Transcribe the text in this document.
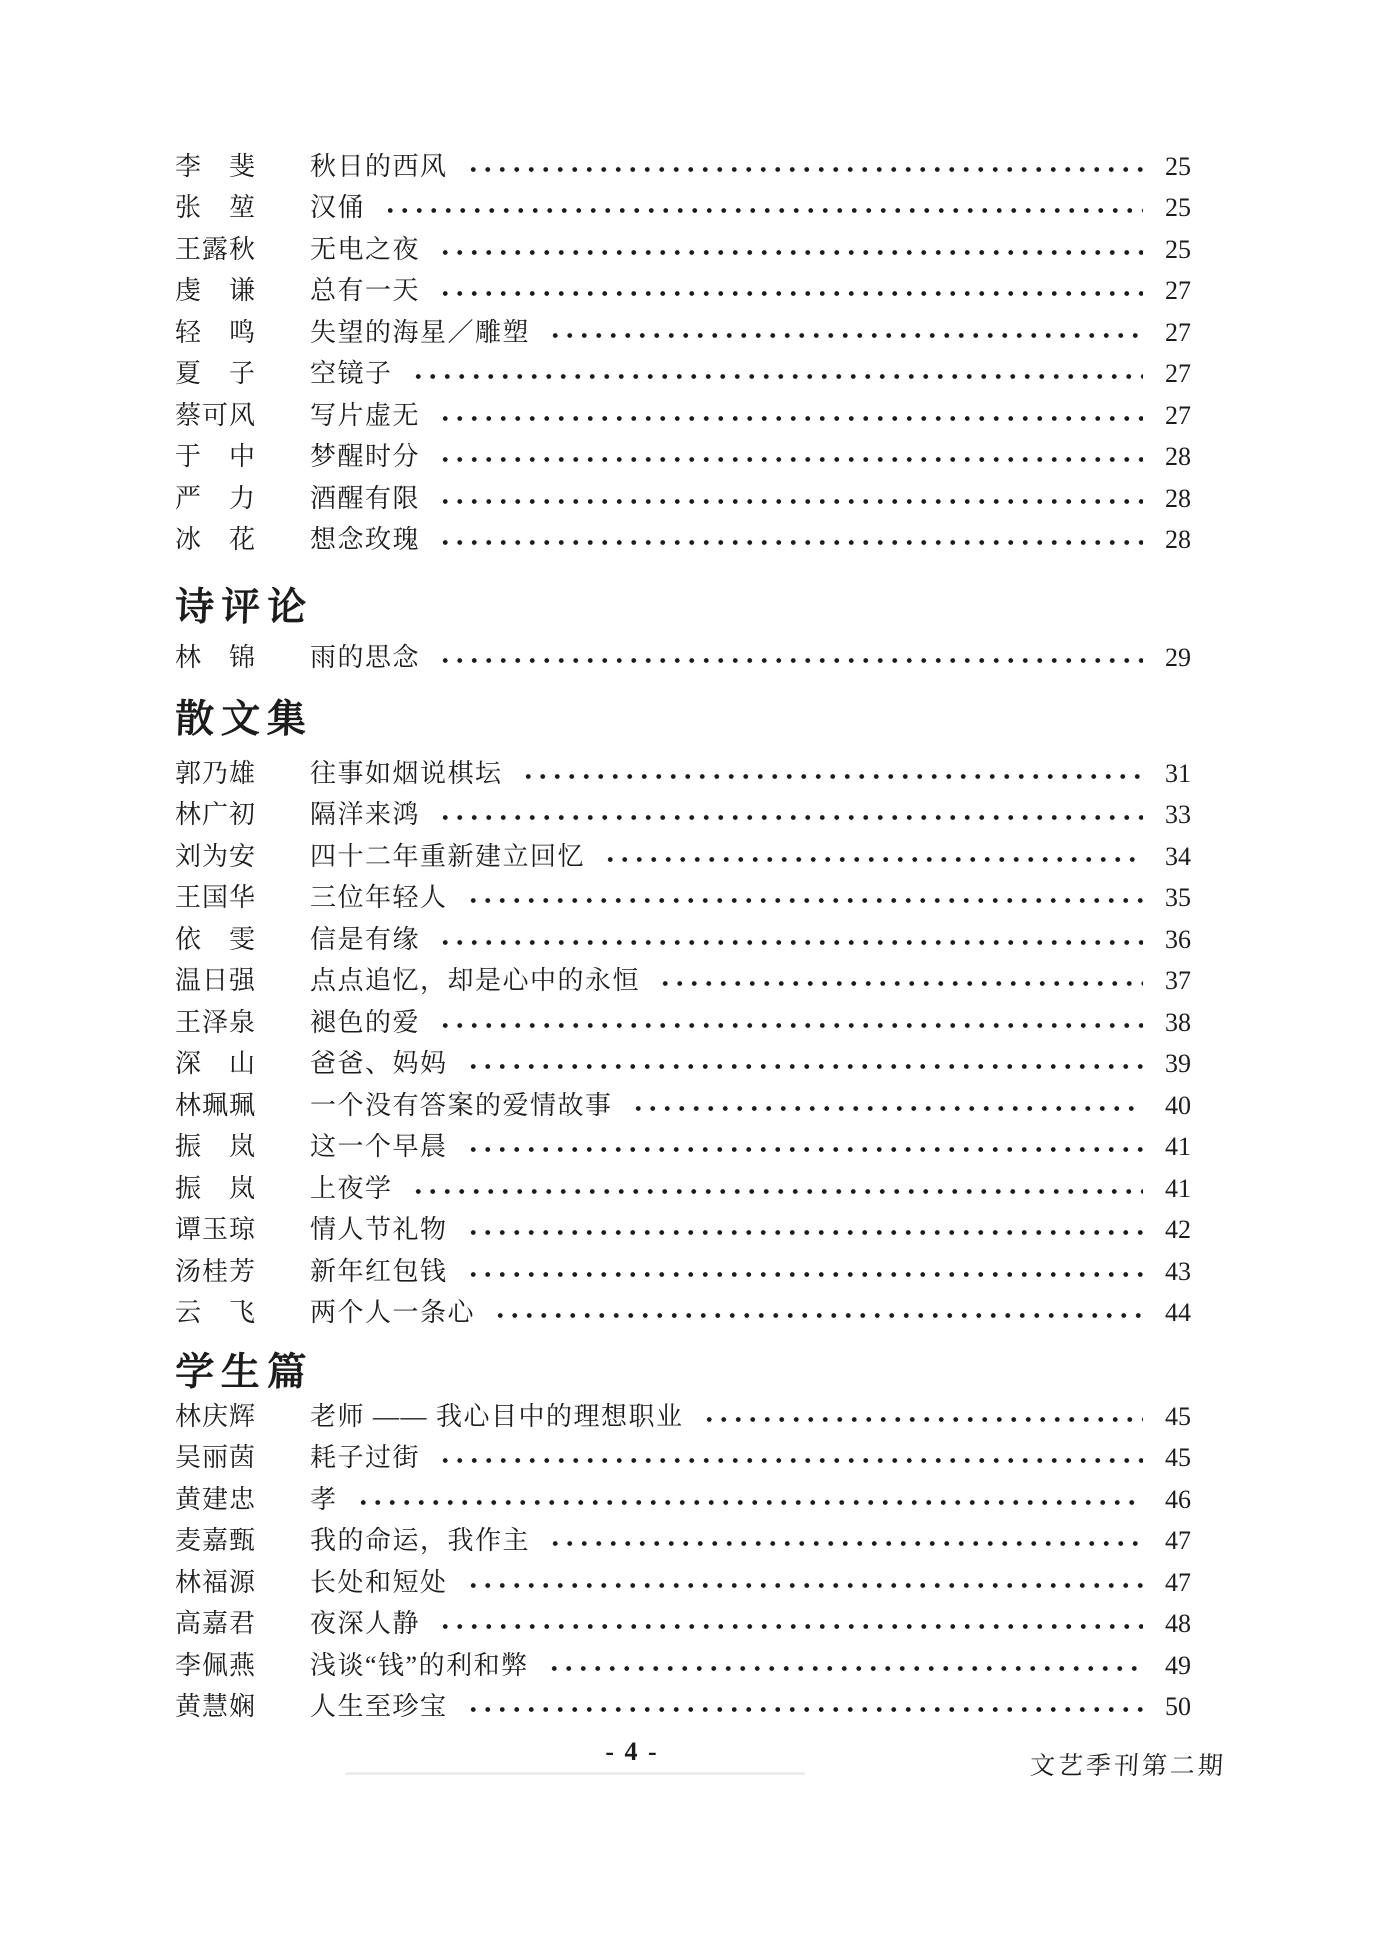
李　斐 秋日的西风	25
张　堃 汉俑	25
王露秋 无电之夜	25
虔　谦 总有一天	27
轻　鸣 失望的海星／雕塑	27
夏　子 空镜子	27
蔡可风 写片虚无	27
于　中 梦醒时分	28
严　力 酒醒有限	28
冰　花 想念玫瑰	28
诗评论
林　锦 雨的思念	29
散文集
郭乃雄 往事如烟说棋坛	31
林广初 隔洋来鸿	33
刘为安 四十二年重新建立回忆	34
王国华 三位年轻人	35
依　雯 信是有缘	36
温日强 点点追忆，却是心中的永恒	37
王泽泉 褪色的爱	38
深　山 爸爸、妈妈	39
林珮珮 一个没有答案的爱情故事	40
振　岚 这一个早晨	41
振　岚 上夜学	41
谭玉琼 情人节礼物	42
汤桂芳 新年红包钱	43
云　飞 两个人一条心	44
学生篇
林庆辉 老师 —— 我心目中的理想职业	45
吴丽茵 耗子过街	45
黄建忠 孝	46
麦嘉甄 我的命运，我作主	47
林福源 长处和短处	47
高嘉君 夜深人静	48
李佩燕 浅谈“钱”的利和弊	49
黄慧娴 人生至珍宝	50
- 4 -
文艺季刊第二期
